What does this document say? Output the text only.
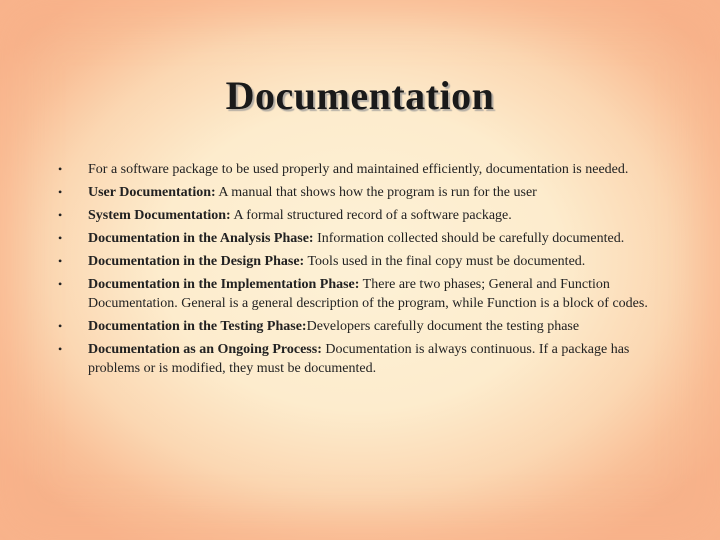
Documentation
• For a software package to be used properly and maintained efficiently, documentation is needed.
• User Documentation: A manual that shows how the program is run for the user
• System Documentation: A formal structured record of a software package.
• Documentation in the Analysis Phase: Information collected should be carefully documented.
• Documentation in the Design Phase: Tools used in the final copy must be documented.
• Documentation in the Implementation Phase: There are two phases; General and Function Documentation. General is a general description of the program, while Function is a block of codes.
• Documentation in the Testing Phase:Developers carefully document the testing phase
• Documentation as an Ongoing Process: Documentation is always continuous. If a package has problems or is modified, they must be documented.
